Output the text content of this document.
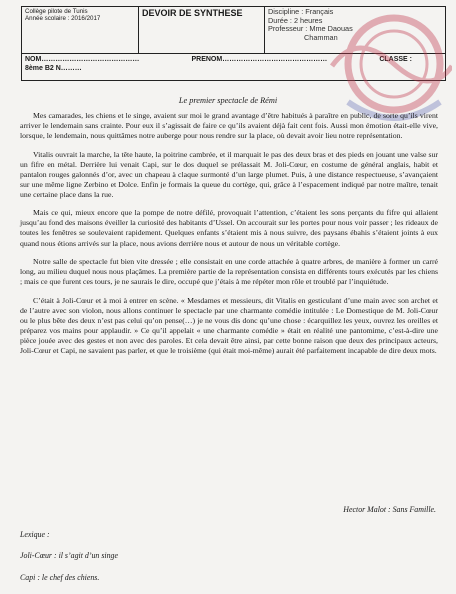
Collège pilote de Tunis
Année scolaire : 2016/2017
	DEVOIR DE SYNTHESE	Discipline : Français
Durée : 2 heures
Professeur : Mme Daouas
Chamman

NOM……………………………………	PRENOM………………………………………	CLASSE :
8ème B2 N………
Le premier spectacle de Rémi

Mes camarades, les chiens et le singe, avaient sur moi le grand avantage d’être habitués à paraître en public, de sorte qu’ils virent arriver le lendemain sans crainte. Pour eux il s’agissait de faire ce qu’ils avaient déjà fait cent fois. Aussi mon émotion était-elle vive, lorsque, le lendemain, nous quittâmes notre auberge pour nous rendre sur la place, où devait avoir lieu notre représentation.

Vitalis ouvrait la marche, la tête haute, la poitrine cambrée, et il marquait le pas des deux bras et des pieds en jouant une valse sur un fifre en métal. Derrière lui venait Capi, sur le dos duquel se prélassait M. Joli-Cœur, en costume de général anglais, habit et pantalon rouges galonnés d’or, avec un chapeau à claque surmonté d’un large plumet. Puis, à une distance respectueuse, s’avançaient sur une même ligne Zerbino et Dolce. Enfin je formais la queue du cortège, qui, grâce à l’espacement indiqué par notre maître, tenait une certaine place dans la rue.

Mais ce qui, mieux encore que la pompe de notre défilé, provoquait l’attention, c’étaient les sons perçants du fifre qui allaient jusqu’au fond des maisons éveiller la curiosité des habitants d’Ussel. On accourait sur les portes pour nous voir passer ; les rideaux de toutes les fenêtres se soulevaient rapidement. Quelques enfants s’étaient mis à nous suivre, des paysans ébahis s’étaient joints à eux quand nous étions arrivés sur la place, nous avions derrière nous et autour de nous un véritable cortège.

Notre salle de spectacle fut bien vite dressée ; elle consistait en une corde attachée à quatre arbres, de manière à former un carré long, au milieu duquel nous nous plaçâmes. La première partie de la représentation consista en différents tours exécutés par les chiens ; mais ce que furent ces tours, je ne saurais le dire, occupé que j’étais à me répéter mon rôle et troublé par l’inquiétude.

C’était à Joli-Cœur et à moi à entrer en scène. « Mesdames et messieurs, dit Vitalis en gesticulant d’une main avec son archet et de l’autre avec son violon, nous allons continuer le spectacle par une charmante comédie intitulée : Le Domestique de M. Joli-Cœur ou le plus bête des deux n’est pas celui qu’on pense(…) je ne vous dis donc qu’une chose : écarquillez les yeux, ouvrez les oreilles et préparez vos mains pour applaudir. » Ce qu’il appelait « une charmante comédie » était en réalité une pantomime, c’est-à-dire une pièce jouée avec des gestes et non avec des paroles. Et cela devait être ainsi, par cette bonne raison que deux des principaux acteurs, Joli-Cœur et Capi, ne savaient pas parler, et que le troisième (qui était moi-même) aurait été parfaitement incapable de dire deux mots.

Hector Malot : Sans Famille.
Lexique :
Joli-Cœur : il s’agit d’un singe
Capi : le chef des chiens.
